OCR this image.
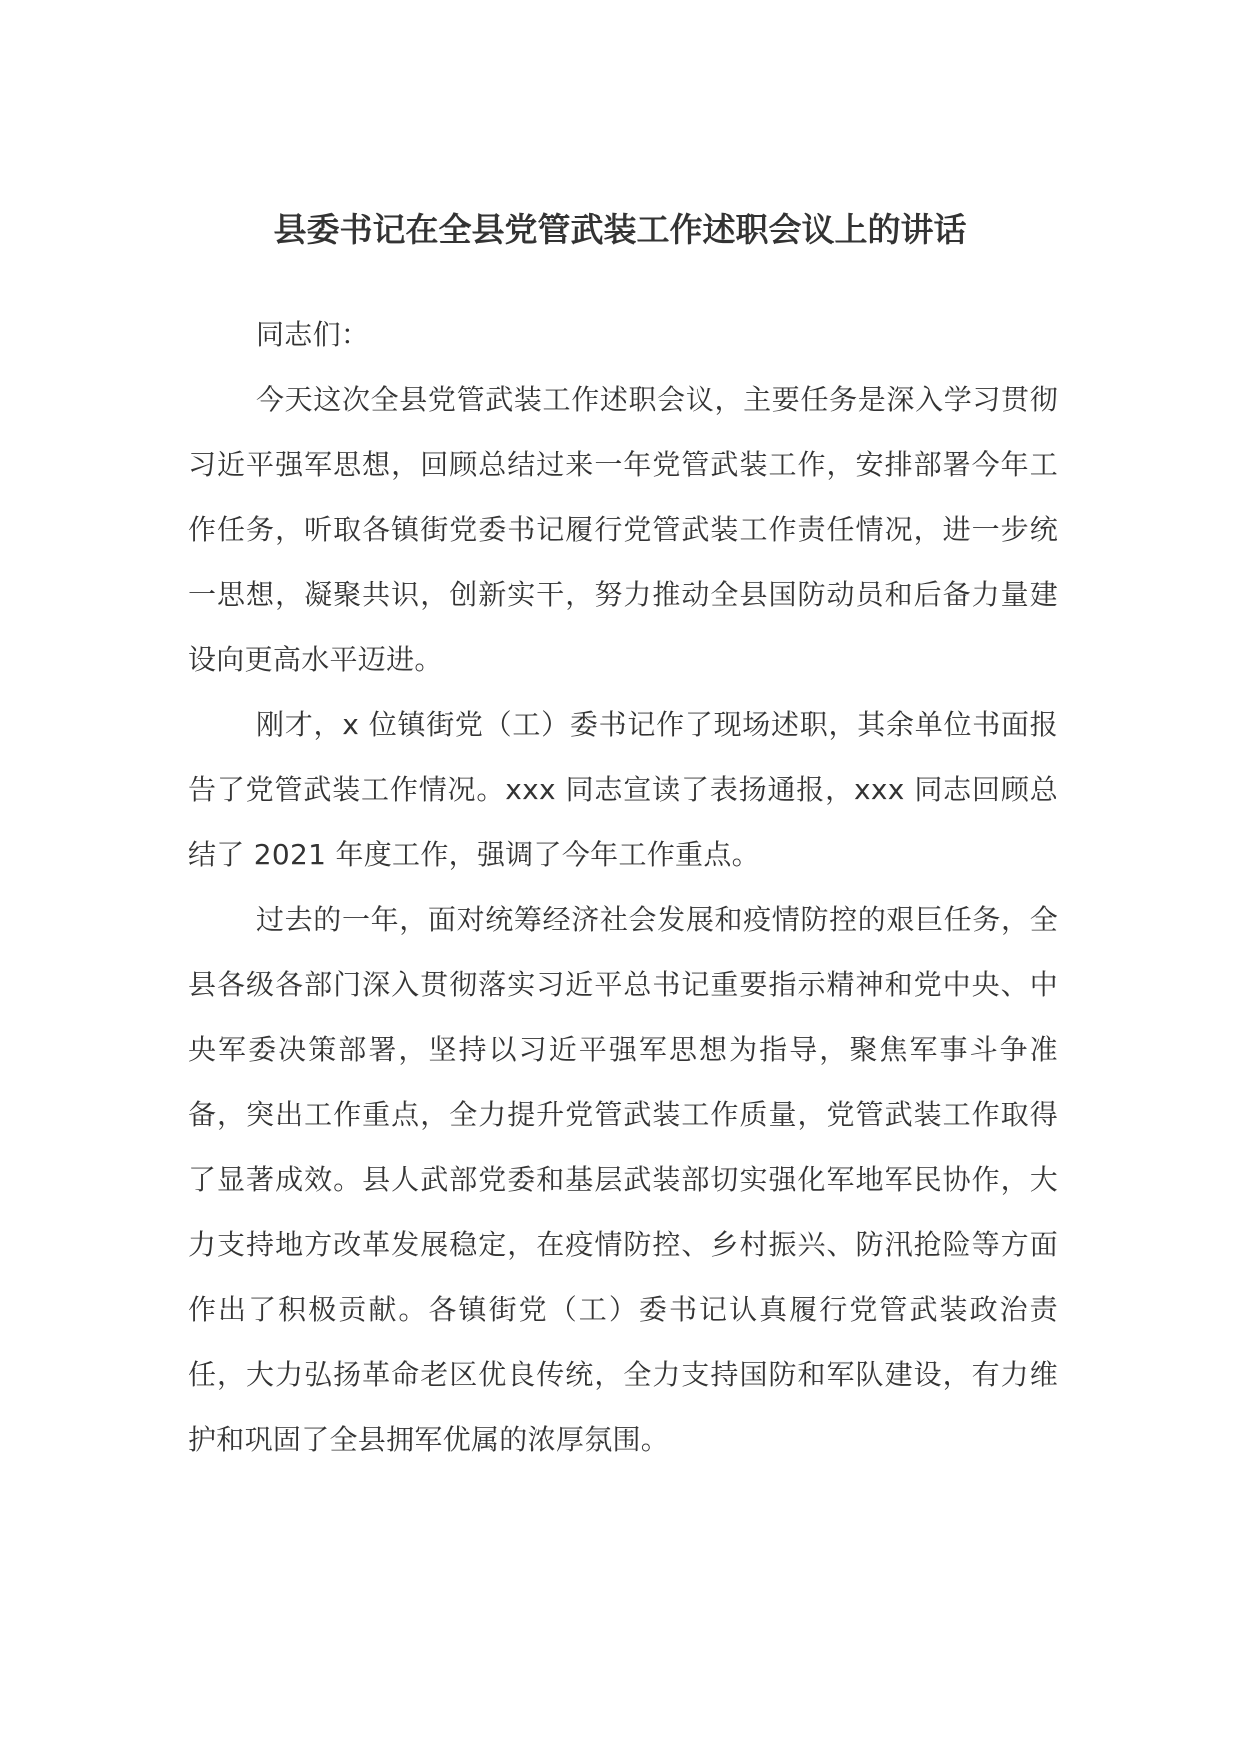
县委书记在全县党管武装工作述职会议上的讲话

同志们：

今天这次全县党管武装工作述职会议，主要任务是深入学习贯彻习近平强军思想，回顾总结过来一年党管武装工作，安排部署今年工作任务，听取各镇街党委书记履行党管武装工作责任情况，进一步统一思想，凝聚共识，创新实干，努力推动全县国防动员和后备力量建设向更高水平迈进。

刚才，x 位镇街党（工）委书记作了现场述职，其余单位书面报告了党管武装工作情况。xxx 同志宣读了表扬通报，xxx 同志回顾总结了 2021 年度工作，强调了今年工作重点。

过去的一年，面对统筹经济社会发展和疫情防控的艰巨任务，全县各级各部门深入贯彻落实习近平总书记重要指示精神和党中央、中央军委决策部署，坚持以习近平强军思想为指导，聚焦军事斗争准备，突出工作重点，全力提升党管武装工作质量，党管武装工作取得了显著成效。县人武部党委和基层武装部切实强化军地军民协作，大力支持地方改革发展稳定，在疫情防控、乡村振兴、防汛抢险等方面作出了积极贡献。各镇街党（工）委书记认真履行党管武装政治责任，大力弘扬革命老区优良传统，全力支持国防和军队建设，有力维护和巩固了全县拥军优属的浓厚氛围。
